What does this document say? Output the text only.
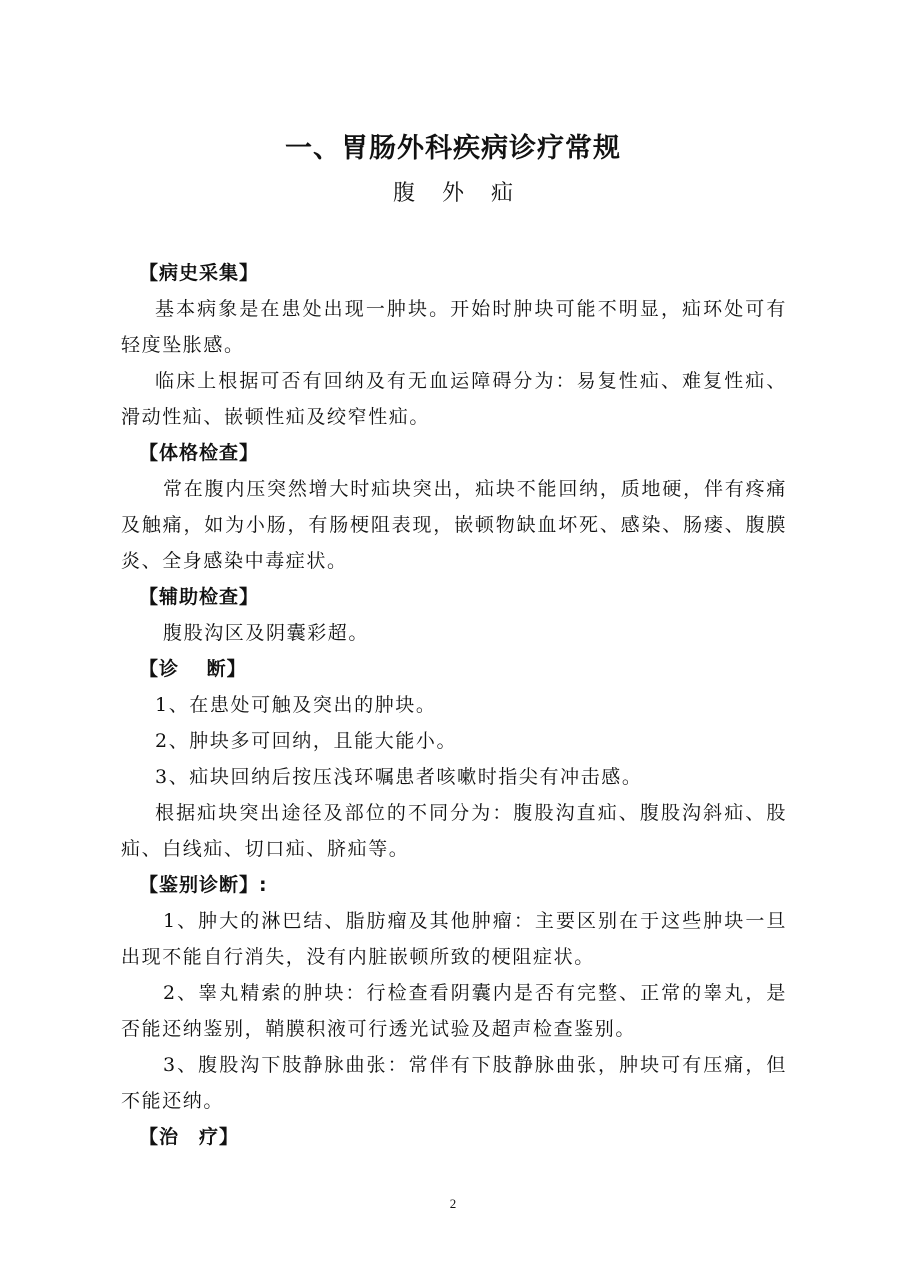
一、胃肠外科疾病诊疗常规
腹 外 疝
【病史采集】
基本病象是在患处出现一肿块。开始时肿块可能不明显，疝环处可有轻度坠胀感。
临床上根据可否有回纳及有无血运障碍分为：易复性疝、难复性疝、滑动性疝、嵌顿性疝及绞窄性疝。
【体格检查】
常在腹内压突然增大时疝块突出，疝块不能回纳，质地硬，伴有疼痛及触痛，如为小肠，有肠梗阻表现，嵌顿物缺血坏死、感染、肠瘘、腹膜炎、全身感染中毒症状。
【辅助检查】
腹股沟区及阴囊彩超。
【诊　 断】
1、在患处可触及突出的肿块。
2、肿块多可回纳，且能大能小。
3、疝块回纳后按压浅环嘱患者咳嗽时指尖有冲击感。
根据疝块突出途径及部位的不同分为：腹股沟直疝、腹股沟斜疝、股疝、白线疝、切口疝、脐疝等。
【鉴别诊断】:
1、肿大的淋巴结、脂肪瘤及其他肿瘤：主要区别在于这些肿块一旦出现不能自行消失，没有内脏嵌顿所致的梗阻症状。
2、睾丸精索的肿块：行检查看阴囊内是否有完整、正常的睾丸，是否能还纳鉴别，鞘膜积液可行透光试验及超声检查鉴别。
3、腹股沟下肢静脉曲张：常伴有下肢静脉曲张，肿块可有压痛，但不能还纳。
【治　疗】
2
